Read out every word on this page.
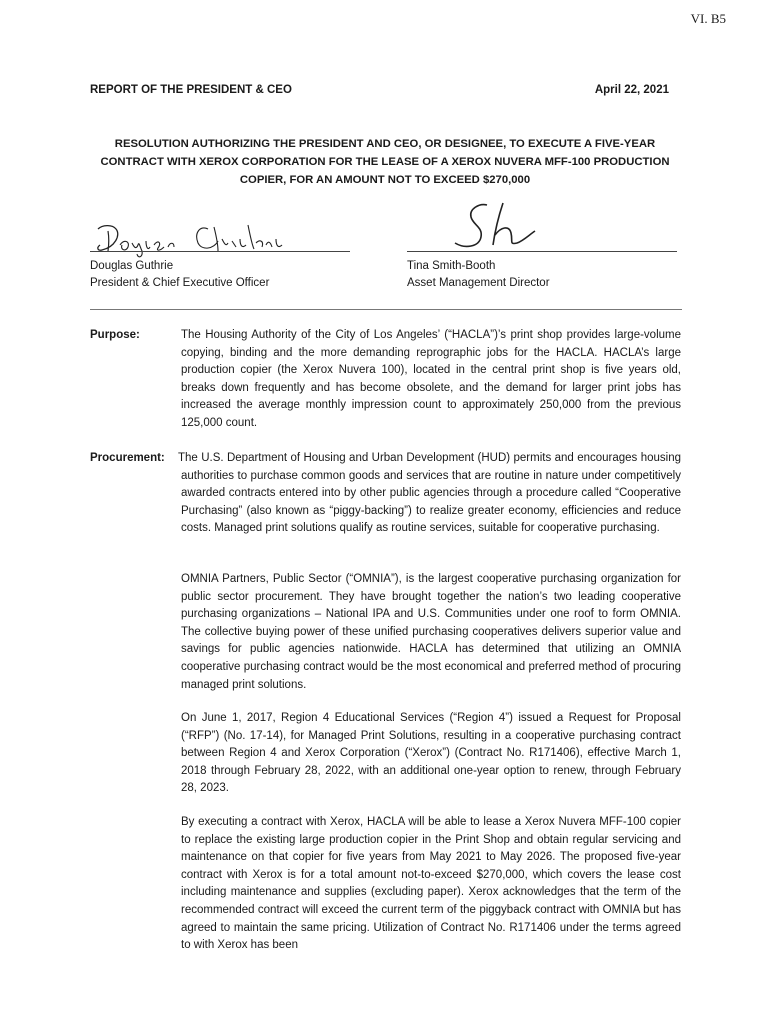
VI. B5
REPORT OF THE PRESIDENT & CEO	April 22, 2021
RESOLUTION AUTHORIZING THE PRESIDENT AND CEO, OR DESIGNEE, TO EXECUTE A FIVE-YEAR CONTRACT WITH XEROX CORPORATION FOR THE LEASE OF A XEROX NUVERA MFF-100 PRODUCTION COPIER, FOR AN AMOUNT NOT TO EXCEED $270,000
Douglas Guthrie
President & Chief Executive Officer
Tina Smith-Booth
Asset Management Director
Purpose:	The Housing Authority of the City of Los Angeles’ (“HACLA”)’s print shop provides large-volume copying, binding and the more demanding reprographic jobs for the HACLA. HACLA’s large production copier (the Xerox Nuvera 100), located in the central print shop is five years old, breaks down frequently and has become obsolete, and the demand for larger print jobs has increased the average monthly impression count to approximately 250,000 from the previous 125,000 count.
Procurement: The U.S. Department of Housing and Urban Development (HUD) permits and encourages housing authorities to purchase common goods and services that are routine in nature under competitively awarded contracts entered into by other public agencies through a procedure called “Cooperative Purchasing” (also known as “piggy-backing”) to realize greater economy, efficiencies and reduce costs. Managed print solutions qualify as routine services, suitable for cooperative purchasing.
OMNIA Partners, Public Sector (“OMNIA”), is the largest cooperative purchasing organization for public sector procurement. They have brought together the nation’s two leading cooperative purchasing organizations – National IPA and U.S. Communities under one roof to form OMNIA. The collective buying power of these unified purchasing cooperatives delivers superior value and savings for public agencies nationwide. HACLA has determined that utilizing an OMNIA cooperative purchasing contract would be the most economical and preferred method of procuring managed print solutions.
On June 1, 2017, Region 4 Educational Services (“Region 4”) issued a Request for Proposal (“RFP”) (No. 17-14), for Managed Print Solutions, resulting in a cooperative purchasing contract between Region 4 and Xerox Corporation (“Xerox”) (Contract No. R171406), effective March 1, 2018 through February 28, 2022, with an additional one-year option to renew, through February 28, 2023.
By executing a contract with Xerox, HACLA will be able to lease a Xerox Nuvera MFF-100 copier to replace the existing large production copier in the Print Shop and obtain regular servicing and maintenance on that copier for five years from May 2021 to May 2026. The proposed five-year contract with Xerox is for a total amount not-to-exceed $270,000, which covers the lease cost including maintenance and supplies (excluding paper). Xerox acknowledges that the term of the recommended contract will exceed the current term of the piggyback contract with OMNIA but has agreed to maintain the same pricing. Utilization of Contract No. R171406 under the terms agreed to with Xerox has been
